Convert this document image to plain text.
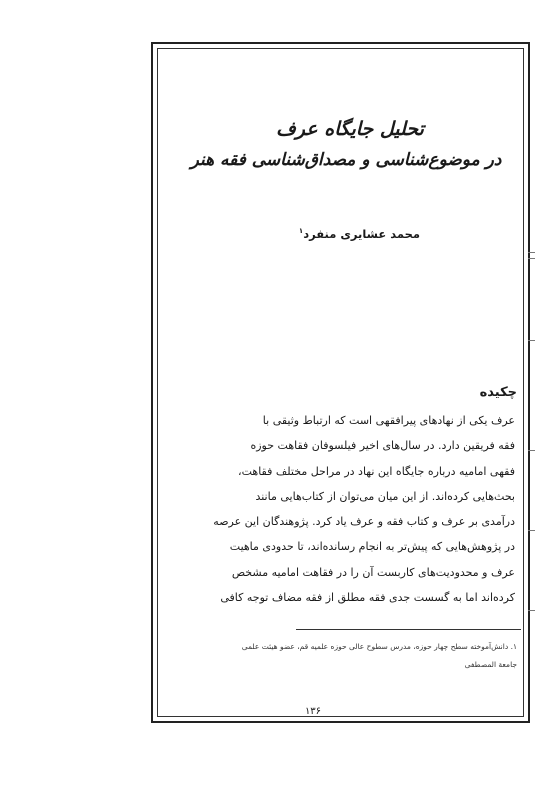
تحلیل جایگاه عرف
در موضوع‌شناسی و مصداق‌شناسی فقه هنر
محمد عشایری منفرد$^۱$
چکیده
عرف یکی از نهادهای پیرافقهی است که ارتباط وثیقی با
فقه فریقین دارد. در سال‌های اخیر فیلسوفان فقاهت حوزه
فقهی امامیه درباره جایگاه این نهاد در مراحل مختلف فقاهت،
بحث‌هایی کرده‌اند. از این میان می‌توان از کتاب‌هایی مانند
درآمدی بر عرف و کتاب فقه و عرف یاد کرد. پژوهندگان این عرصه
در پژوهش‌هایی که پیش‌تر به انجام رسانده‌اند، تا حدودی ماهیت
عرف و محدودیت‌های کاربست آن را در فقاهت امامیه مشخص
کرده‌اند اما به گسست جدی فقه مطلق از فقه مضاف توجه کافی
۱. دانش‌آموخته سطح چهار حوزه، مدرس سطوح عالی حوزه علمیه قم، عضو هیئت علمی
جامعة المصطفی
۱۳۶
